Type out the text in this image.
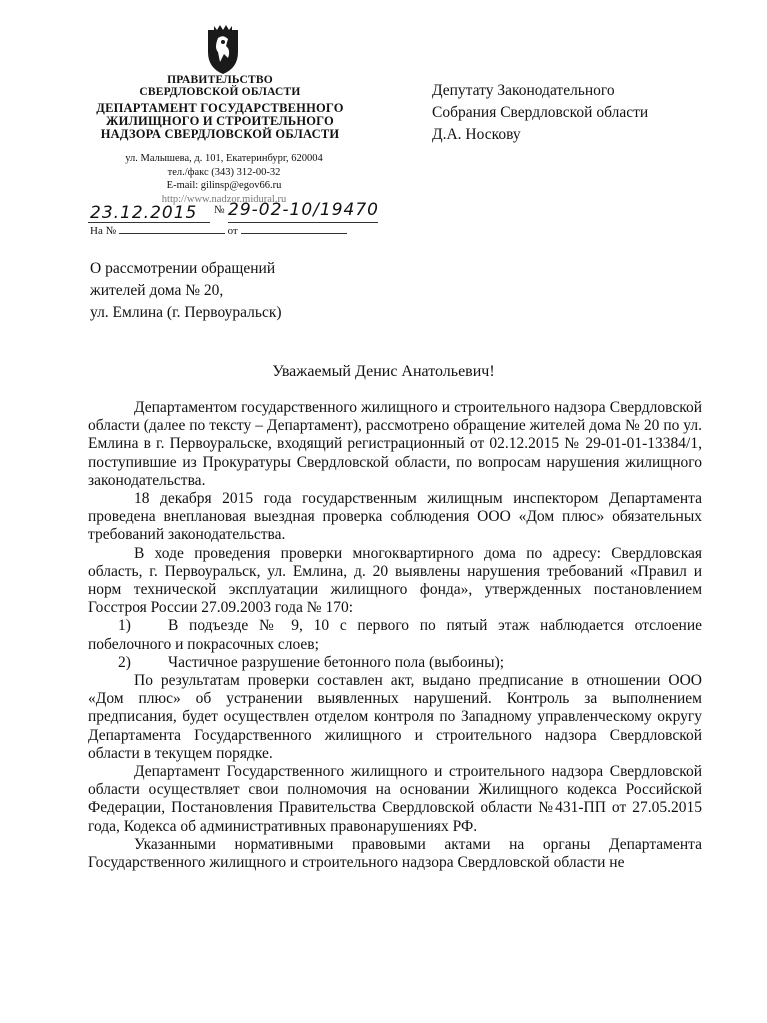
ПРАВИТЕЛЬСТВО
СВЕРДЛОВСКОЙ ОБЛАСТИ
ДЕПАРТАМЕНТ ГОСУДАРСТВЕННОГО
ЖИЛИЩНОГО И СТРОИТЕЛЬНОГО
НАДЗОРА СВЕРДЛОВСКОЙ ОБЛАСТИ
ул. Малышева, д. 101, Екатеринбург, 620004
тел./факс (343) 312-00-32
E-mail: gilinsp@egov66.ru
http://www.nadzor.midural.ru
23.12.2015 № 29-02-10/19470
На №	от
Депутату Законодательного
Собрания Свердловской области
Д.А. Носкову
О рассмотрении обращений
жителей дома № 20,
ул. Емлина (г. Первоуральск)
Уважаемый Денис Анатольевич!

Департаментом государственного жилищного и строительного надзора Свердловской области (далее по тексту – Департамент), рассмотрено обращение жителей дома № 20 по ул. Емлина в г. Первоуральске, входящий регистрационный от 02.12.2015 № 29-01-01-13384/1, поступившие из Прокуратуры Свердловской области, по вопросам нарушения жилищного законодательства.

18 декабря 2015 года государственным жилищным инспектором Департамента проведена внеплановая выездная проверка соблюдения ООО «Дом плюс» обязательных требований законодательства.

В ходе проведения проверки многоквартирного дома по адресу: Свердловская область, г. Первоуральск, ул. Емлина, д. 20 выявлены нарушения требований «Правил и норм технической эксплуатации жилищного фонда», утвержденных постановлением Госстроя России 27.09.2003 года № 170:

1) В подъезде № 9, 10 с первого по пятый этаж наблюдается отслоение побелочного и покрасочных слоев;

2) Частичное разрушение бетонного пола (выбоины);

По результатам проверки составлен акт, выдано предписание в отношении ООО «Дом плюс» об устранении выявленных нарушений. Контроль за выполнением предписания, будет осуществлен отделом контроля по Западному управленческому округу Департамента Государственного жилищного и строительного надзора Свердловской области в текущем порядке.

Департамент Государственного жилищного и строительного надзора Свердловской области осуществляет свои полномочия на основании Жилищного кодекса Российской Федерации, Постановления Правительства Свердловской области №431-ПП от 27.05.2015 года, Кодекса об административных правонарушениях РФ.

Указанными нормативными правовыми актами на органы Департамента Государственного жилищного и строительного надзора Свердловской области не
